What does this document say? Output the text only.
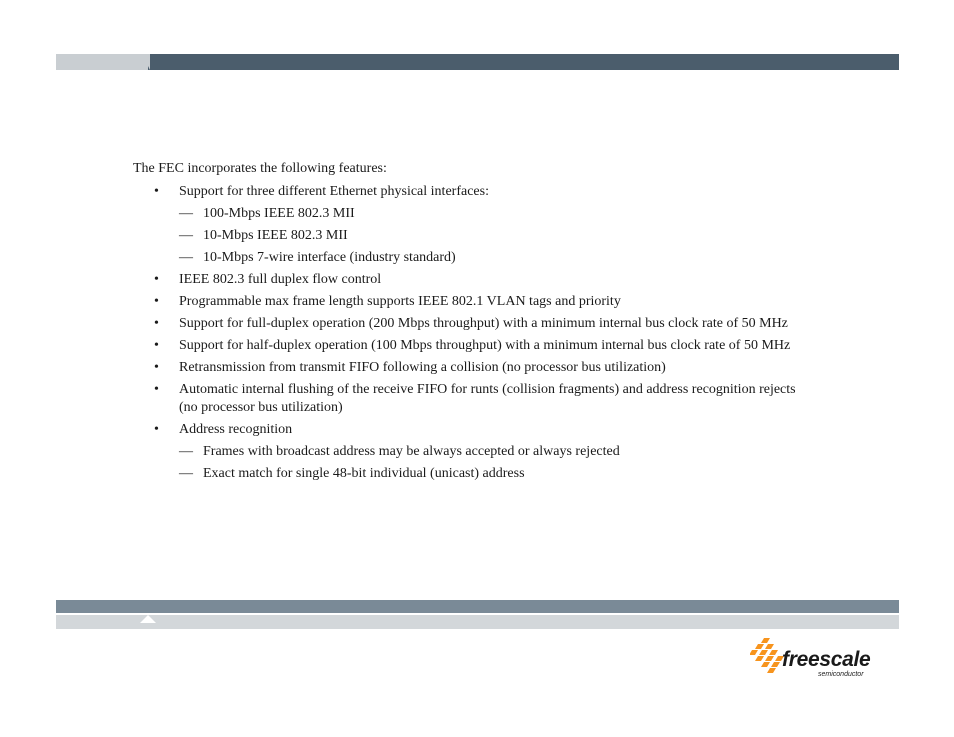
The FEC incorporates the following features:

• Support for three different Ethernet physical interfaces:
— 100-Mbps IEEE 802.3 MII
— 10-Mbps IEEE 802.3 MII
— 10-Mbps 7-wire interface (industry standard)
• IEEE 802.3 full duplex flow control
• Programmable max frame length supports IEEE 802.1 VLAN tags and priority
• Support for full-duplex operation (200 Mbps throughput) with a minimum internal bus clock rate of 50 MHz
• Support for half-duplex operation (100 Mbps throughput) with a minimum internal bus clock rate of 50 MHz
• Retransmission from transmit FIFO following a collision (no processor bus utilization)
• Automatic internal flushing of the receive FIFO for runts (collision fragments) and address recognition rejects (no processor bus utilization)
• Address recognition
— Frames with broadcast address may be always accepted or always rejected
— Exact match for single 48-bit individual (unicast) address
freescale
semiconductor
